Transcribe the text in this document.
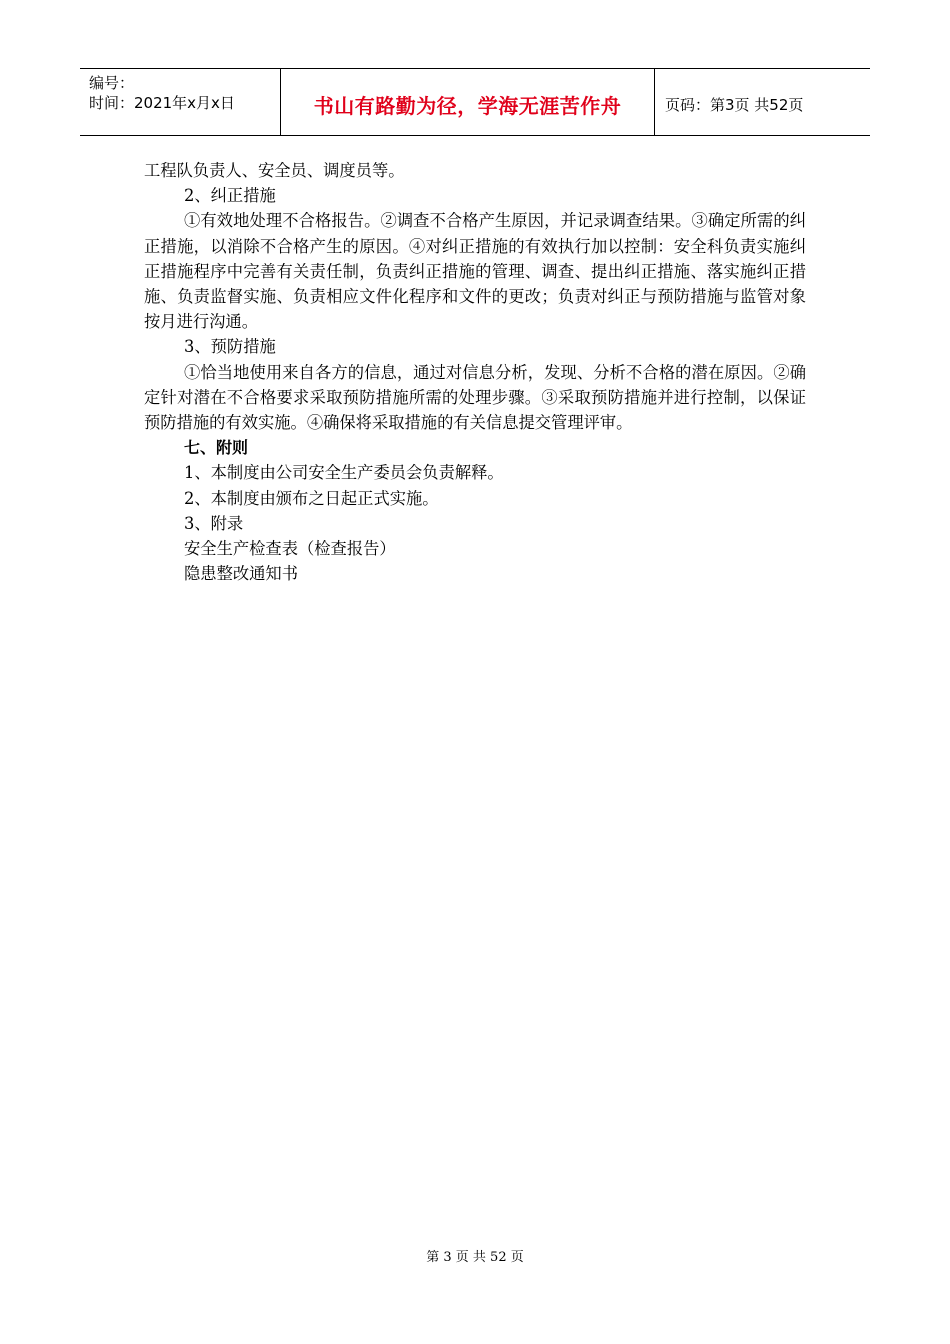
编号：
时间：2021年x月x日	书山有路勤为径，学海无涯苦作舟	页码：第3页 共52页

工程队负责人、安全员、调度员等。

2、纠正措施

①有效地处理不合格报告。②调查不合格产生原因，并记录调查结果。③确定所需的纠正措施，以消除不合格产生的原因。④对纠正措施的有效执行加以控制：安全科负责实施纠正措施程序中完善有关责任制，负责纠正措施的管理、调查、提出纠正措施、落实施纠正措施、负责监督实施、负责相应文件化程序和文件的更改；负责对纠正与预防措施与监管对象按月进行沟通。

3、预防措施

①恰当地使用来自各方的信息，通过对信息分析，发现、分析不合格的潜在原因。②确定针对潜在不合格要求采取预防措施所需的处理步骤。③采取预防措施并进行控制，以保证预防措施的有效实施。④确保将采取措施的有关信息提交管理评审。

七、附则

1、本制度由公司安全生产委员会负责解释。

2、本制度由颁布之日起正式实施。

3、附录

安全生产检查表（检查报告）

隐患整改通知书

第 3 页 共 52 页
